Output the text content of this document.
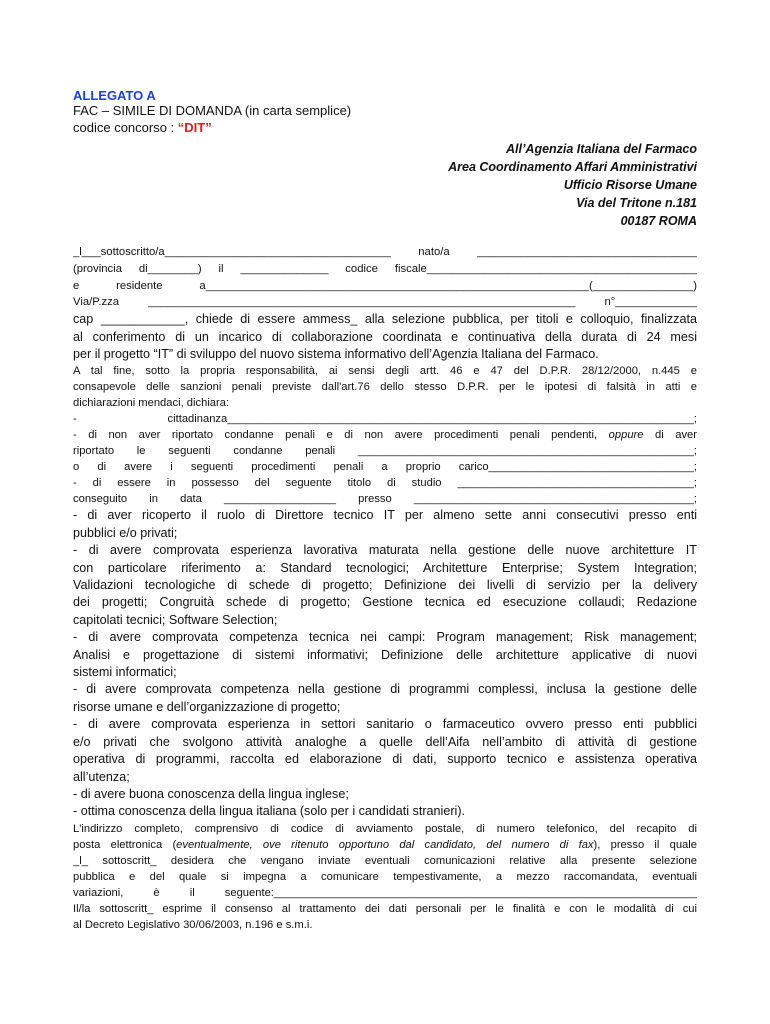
ALLEGATO A
FAC – SIMILE DI DOMANDA (in carta semplice)
codice concorso : “DIT”
All’Agenzia Italiana del Farmaco
Area Coordinamento Affari Amministrativi
Ufficio Risorse Umane
Via del Tritone n.181
00187 ROMA
_l___sottoscritto/a____________________________________ nato/a ___________________________________
(provincia di________) il ______________ codice fiscale___________________________________________
e residente a_____________________________________________________________(________________)
Via/P.zza ____________________________________________________________________ n°_____________
cap ____________, chiede di essere ammess_ alla selezione pubblica, per titoli e colloquio, finalizzata
al conferimento di un incarico di collaborazione coordinata e continuativa della durata di 24 mesi
per il progetto “IT” di sviluppo del nuovo sistema informativo dell’Agenzia Italiana del Farmaco.
A tal fine, sotto la propria responsabilità, ai sensi degli artt. 46 e 47 del D.P.R. 28/12/2000, n.445 e
consapevole delle sanzioni penali previste dall'art.76 dello stesso D.P.R. per le ipotesi di falsità in atti e
dichiarazioni mendaci, dichiara:
- cittadinanza___________________________________________________________________________;
- di non aver riportato condanne penali e di non avere procedimenti penali pendenti, oppure di aver
riportato le seguenti condanne penali ______________________________________________________;
o di avere i seguenti procedimenti penali a proprio carico_________________________________;
- di essere in possesso del seguente titolo di studio ______________________________________;
conseguito in data __________________ presso _____________________________________________;
- di aver ricoperto il ruolo di Direttore tecnico IT per almeno sette anni consecutivi presso enti
pubblici e/o privati;
- di avere comprovata esperienza lavorativa maturata nella gestione delle nuove architetture IT
con particolare riferimento a: Standard tecnologici; Architetture Enterprise; System Integration;
Validazioni tecnologiche di schede di progetto; Definizione dei livelli di servizio per la delivery
dei progetti; Congruità schede di progetto; Gestione tecnica ed esecuzione collaudi; Redazione
capitolati tecnici; Software Selection;
- di avere comprovata competenza tecnica nei campi: Program management; Risk management;
Analisi e progettazione di sistemi informativi; Definizione delle architetture applicative di nuovi
sistemi informatici;
- di avere comprovata competenza nella gestione di programmi complessi, inclusa la gestione delle
risorse umane e dell’organizzazione di progetto;
- di avere comprovata esperienza in settori sanitario o farmaceutico ovvero presso enti pubblici
e/o privati che svolgono attività analoghe a quelle dell’Aifa nell’ambito di attività di gestione
operativa di programmi, raccolta ed elaborazione di dati, supporto tecnico e assistenza operativa
all’utenza;
- di avere buona conoscenza della lingua inglese;
- ottima conoscenza della lingua italiana (solo per i candidati stranieri).
L'indirizzo completo, comprensivo di codice di avviamento postale, di numero telefonico, del recapito di
posta elettronica (eventualmente, ove ritenuto opportuno dal candidato, del numero di fax), presso il quale
_l_ sottoscritt_ desidera che vengano inviate eventuali comunicazioni relative alla presente selezione
pubblica e del quale si impegna a comunicare tempestivamente, a mezzo raccomandata, eventuali
variazioni, è il seguente:____________________________________________________________________
Il/la sottoscritt_ esprime il consenso al trattamento dei dati personali per le finalità e con le modalità di cui
al Decreto Legislativo 30/06/2003, n.196 e s.m.i.
